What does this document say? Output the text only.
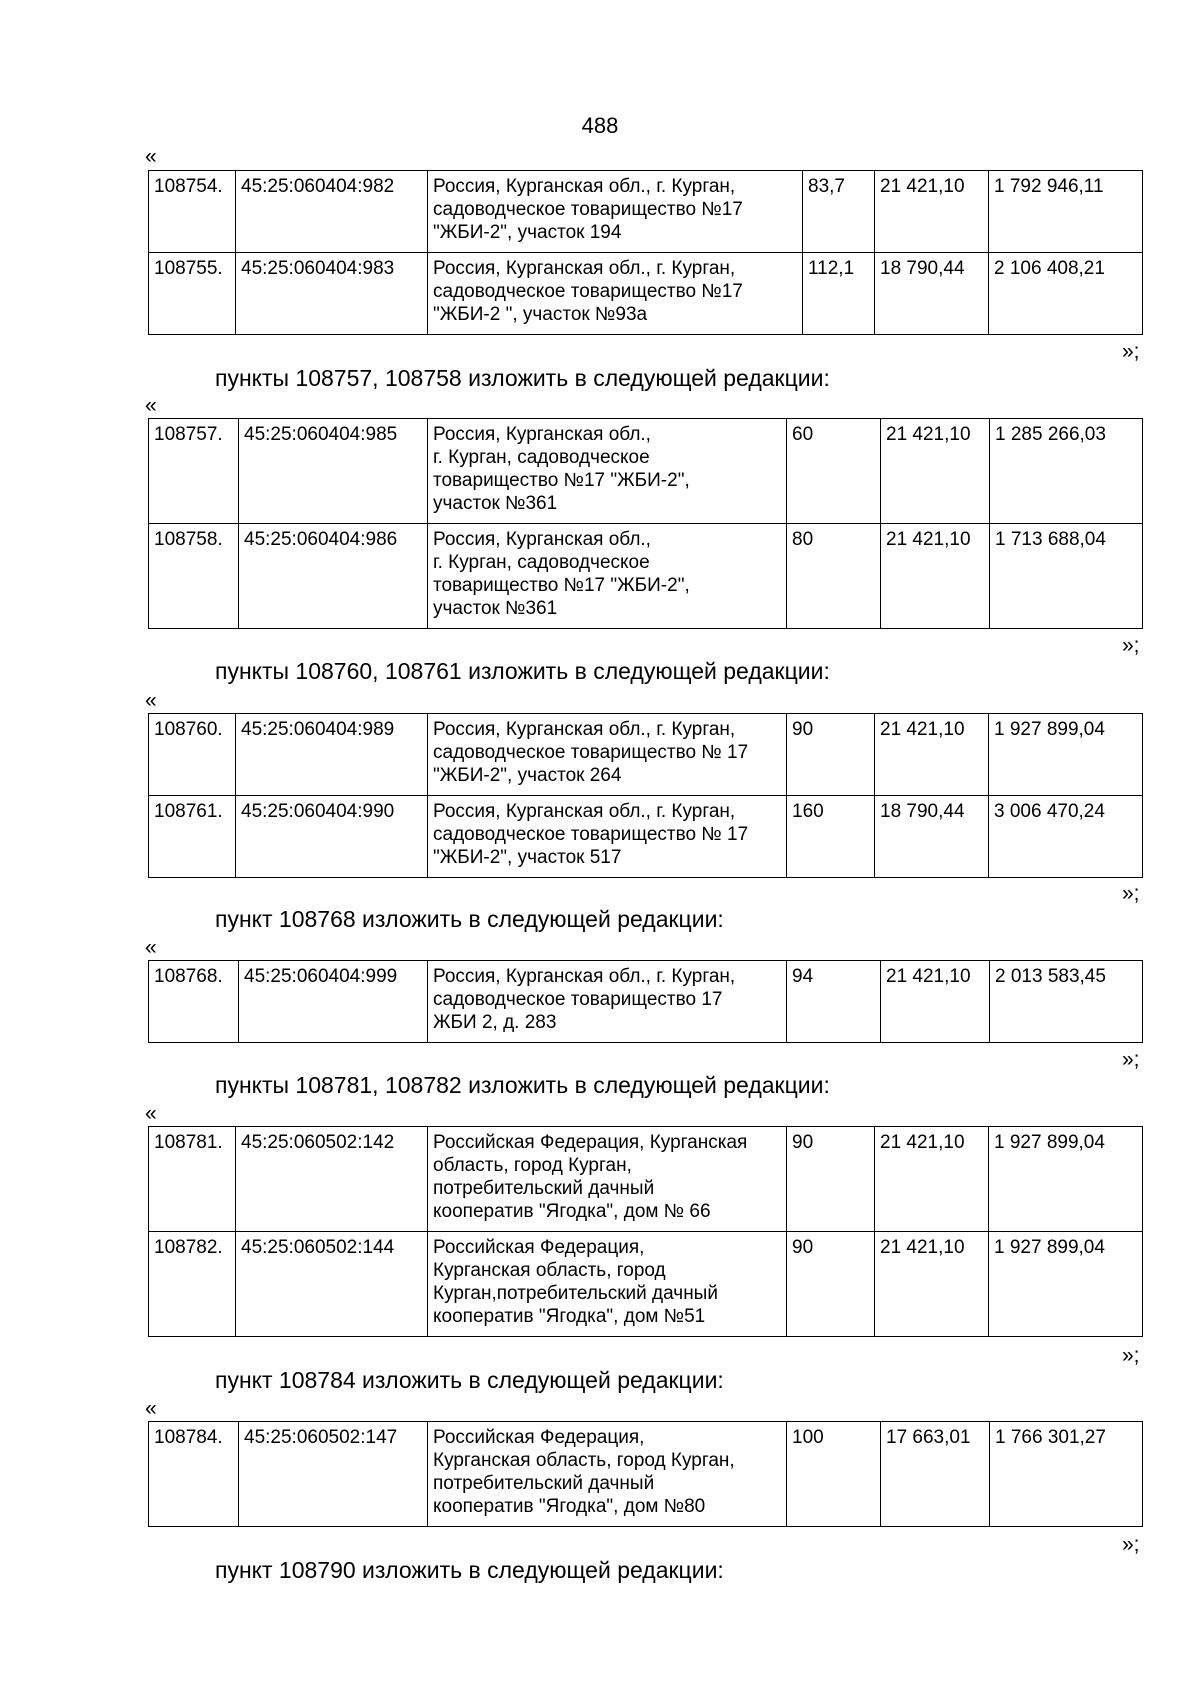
488
«
108754.	45:25:060404:982	Россия, Курганская обл., г. Курган,
садоводческое товарищество №17
"ЖБИ-2", участок 194	83,7	21 421,10	1 792 946,11
108755.	45:25:060404:983	Россия, Курганская обл., г. Курган,
садоводческое товарищество №17
"ЖБИ-2 ", участок №93а	112,1	18 790,44	2 106 408,21
»;
пункты 108757, 108758 изложить в следующей редакции:
«
108757.	45:25:060404:985	Россия, Курганская обл.,
г. Курган, садоводческое
товарищество №17 "ЖБИ-2",
участок №361	60	21 421,10	1 285 266,03
108758.	45:25:060404:986	Россия, Курганская обл.,
г. Курган, садоводческое
товарищество №17 "ЖБИ-2",
участок №361	80	21 421,10	1 713 688,04
»;
пункты 108760, 108761 изложить в следующей редакции:
«
108760.	45:25:060404:989	Россия, Курганская обл., г. Курган,
садоводческое товарищество № 17
"ЖБИ-2", участок 264	90	21 421,10	1 927 899,04
108761.	45:25:060404:990	Россия, Курганская обл., г. Курган,
садоводческое товарищество № 17
"ЖБИ-2", участок 517	160	18 790,44	3 006 470,24
»;
пункт 108768 изложить в следующей редакции:
«
108768.	45:25:060404:999	Россия, Курганская обл., г. Курган,
садоводческое товарищество 17
ЖБИ 2, д. 283	94	21 421,10	2 013 583,45
»;
пункты 108781, 108782 изложить в следующей редакции:
«
108781.	45:25:060502:142	Российская Федерация, Курганская
область, город Курган,
потребительский дачный
кооператив "Ягодка", дом № 66	90	21 421,10	1 927 899,04
108782.	45:25:060502:144	Российская Федерация,
Курганская область, город
Курган,потребительский дачный
кооператив "Ягодка", дом №51	90	21 421,10	1 927 899,04
»;
пункт 108784 изложить в следующей редакции:
«
108784.	45:25:060502:147	Российская Федерация,
Курганская область, город Курган,
потребительский дачный
кооператив "Ягодка", дом №80	100	17 663,01	1 766 301,27
»;
пункт 108790 изложить в следующей редакции:
